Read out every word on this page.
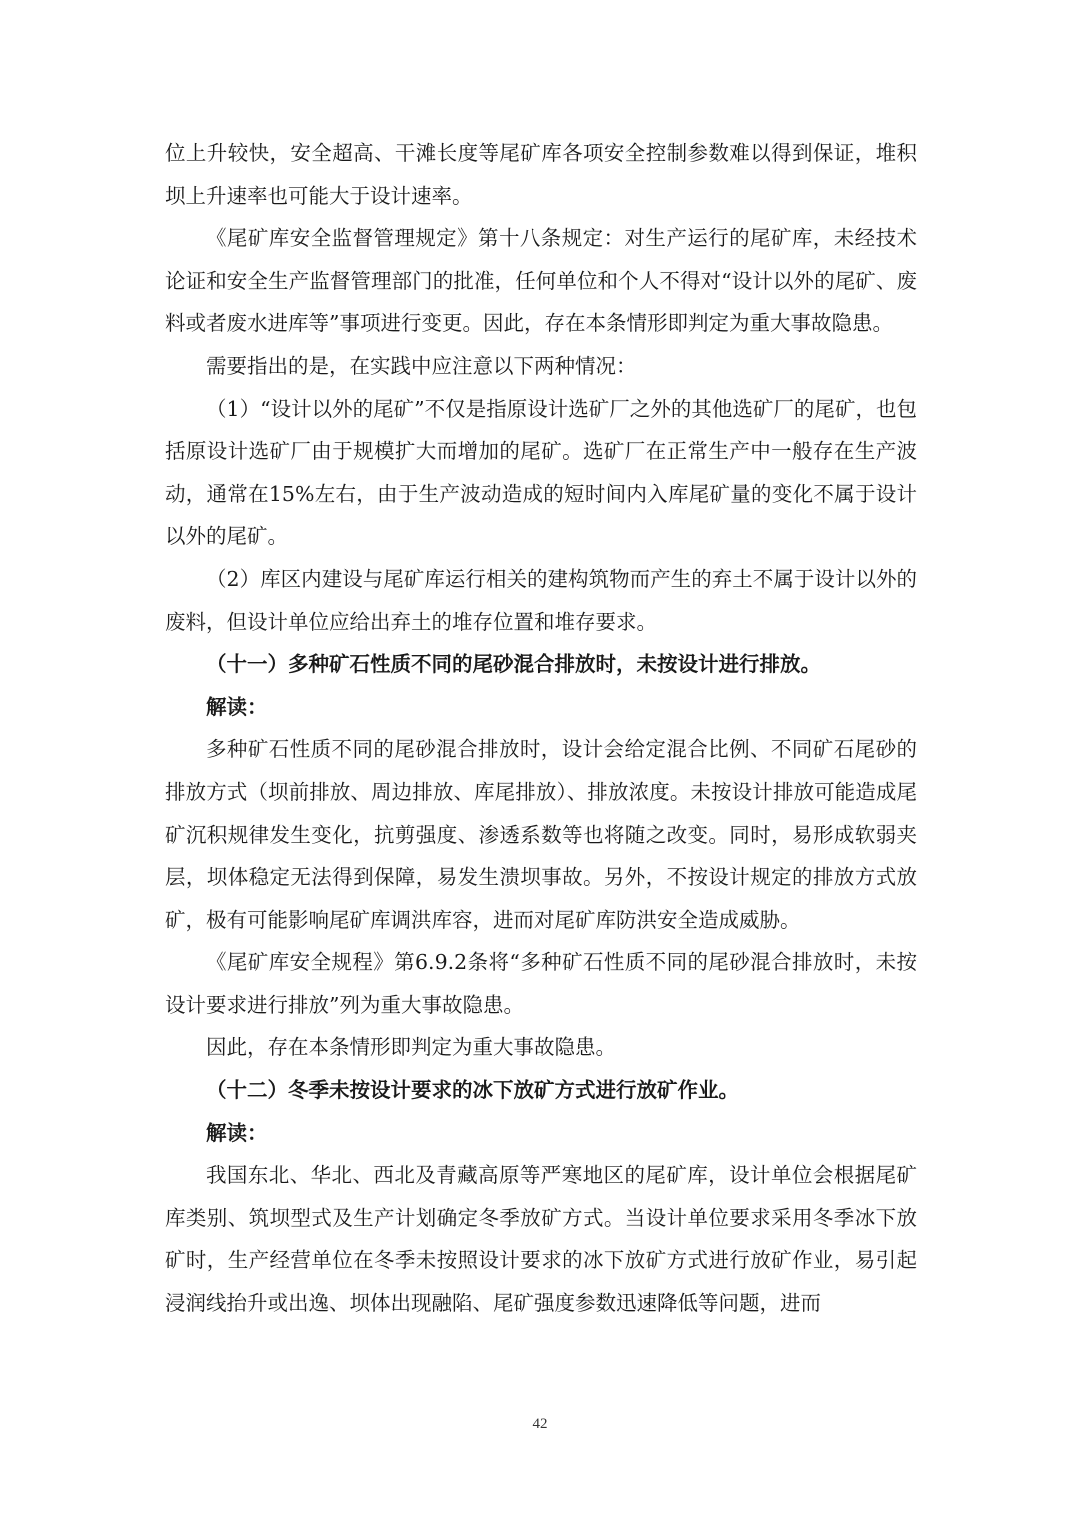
位上升较快，安全超高、干滩长度等尾矿库各项安全控制参数难以得到保证，堆积坝上升速率也可能大于设计速率。

《尾矿库安全监督管理规定》第十八条规定：对生产运行的尾矿库，未经技术论证和安全生产监督管理部门的批准，任何单位和个人不得对“设计以外的尾矿、废料或者废水进库等”事项进行变更。因此，存在本条情形即判定为重大事故隐患。

需要指出的是，在实践中应注意以下两种情况：

（1）“设计以外的尾矿”不仅是指原设计选矿厂之外的其他选矿厂的尾矿，也包括原设计选矿厂由于规模扩大而增加的尾矿。选矿厂在正常生产中一般存在生产波动，通常在15%左右，由于生产波动造成的短时间内入库尾矿量的变化不属于设计以外的尾矿。

（2）库区内建设与尾矿库运行相关的建构筑物而产生的弃土不属于设计以外的废料，但设计单位应给出弃土的堆存位置和堆存要求。

（十一）多种矿石性质不同的尾砂混合排放时，未按设计进行排放。

解读：

多种矿石性质不同的尾砂混合排放时，设计会给定混合比例、不同矿石尾砂的排放方式（坝前排放、周边排放、库尾排放）、排放浓度。未按设计排放可能造成尾矿沉积规律发生变化，抗剪强度、渗透系数等也将随之改变。同时，易形成软弱夹层，坝体稳定无法得到保障，易发生溃坝事故。另外，不按设计规定的排放方式放矿，极有可能影响尾矿库调洪库容，进而对尾矿库防洪安全造成威胁。

《尾矿库安全规程》第6.9.2条将“多种矿石性质不同的尾砂混合排放时，未按设计要求进行排放”列为重大事故隐患。

因此，存在本条情形即判定为重大事故隐患。

（十二）冬季未按设计要求的冰下放矿方式进行放矿作业。

解读：

我国东北、华北、西北及青藏高原等严寒地区的尾矿库，设计单位会根据尾矿库类别、筑坝型式及生产计划确定冬季放矿方式。当设计单位要求采用冬季冰下放矿时，生产经营单位在冬季未按照设计要求的冰下放矿方式进行放矿作业，易引起浸润线抬升或出逸、坝体出现融陷、尾矿强度参数迅速降低等问题，进而

42
